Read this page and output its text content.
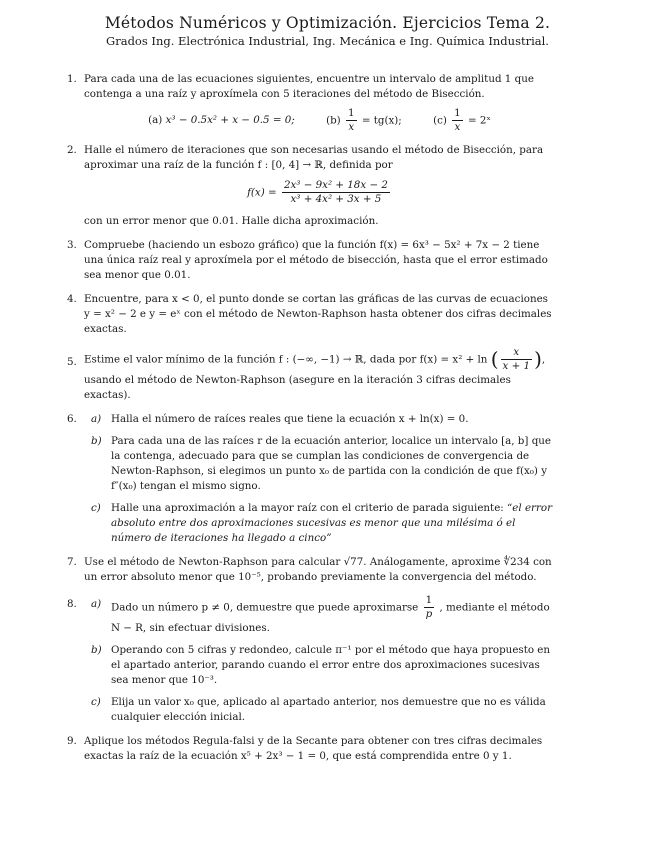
Métodos Numéricos y Optimización. Ejercicios Tema 2.
Grados Ing. Electrónica Industrial, Ing. Mecánica e Ing. Química Industrial.
1. Para cada una de las ecuaciones siguientes, encuentre un intervalo de amplitud 1 que contenga a una raíz y aproxímela con 5 iteraciones del método de Bisección.

(a) x³ − 0.5x² + x − 0.5 = 0;	$(b) \frac{1}{x} = tg(x)$;	$(c) \frac{1}{x}$ = 2ˣ
2. Halle el número de iteraciones que son necesarias usando el método de Bisección, para aproximar una raíz de la función f : [0, 4] → ℝ, definida por

$f(x) = \frac{\text{2x³ − 9x² + 18x − 2}}{\text{x³ + 4x² + 3x + 5}}$

con un error menor que 0.01. Halle dicha aproximación.

3. Compruebe (haciendo un esbozo gráfico) que la función f(x) = 6x³ − 5x² + 7x − 2 tiene una única raíz real y aproxímela por el método de bisección, hasta que el error estimado sea menor que 0.01.

4. Encuentre, para x < 0, el punto donde se cortan las gráficas de las curvas de ecuaciones y = x² − 2 e y = eˣ con el método de Newton-Raphson hasta obtener dos cifras decimales exactas.

5. Estime el valor mínimo de la función f : (−∞, −1) → ℝ, dada por f(x) = x² + ln ( $\frac{x}{x + 1}$ ),

usando el método de Newton-Raphson (asegure en la iteración 3 cifras decimales exactas).

6. a) Halla el número de raíces reales que tiene la ecuación x + ln(x) = 0.

b) Para cada una de las raíces r de la ecuación anterior, localice un intervalo [a, b] que la contenga, adecuado para que se cumplan las condiciones de convergencia de Newton-Raphson, si elegimos un punto x₀ de partida con la condición de que f(x₀) y f″(x₀) tengan el mismo signo.

c) Halle una aproximación a la mayor raíz con el criterio de parada siguiente: “el error absoluto entre dos aproximaciones sucesivas es menor que una milésima ó el número de iteraciones ha llegado a cinco”

7. Use el método de Newton-Raphson para calcular √77. Análogamente, aproxime ∜234 con un error absoluto menor que 10⁻⁵, probando previamente la convergencia del método.

8. a) Dado un número p ≠ 0, demuestre que puede aproximarse $\frac{1}{p}$ , mediante el método N − R, sin efectuar divisiones.

b) Operando con 5 cifras y redondeo, calcule π⁻¹ por el método que haya propuesto en el apartado anterior, parando cuando el error entre dos aproximaciones sucesivas sea menor que 10⁻³.

c) Elija un valor x₀ que, aplicado al apartado anterior, nos demuestre que no es válida cualquier elección inicial.

9. Aplique los métodos Regula-falsi y de la Secante para obtener con tres cifras decimales exactas la raíz de la ecuación x⁵ + 2x³ − 1 = 0, que está comprendida entre 0 y 1.
